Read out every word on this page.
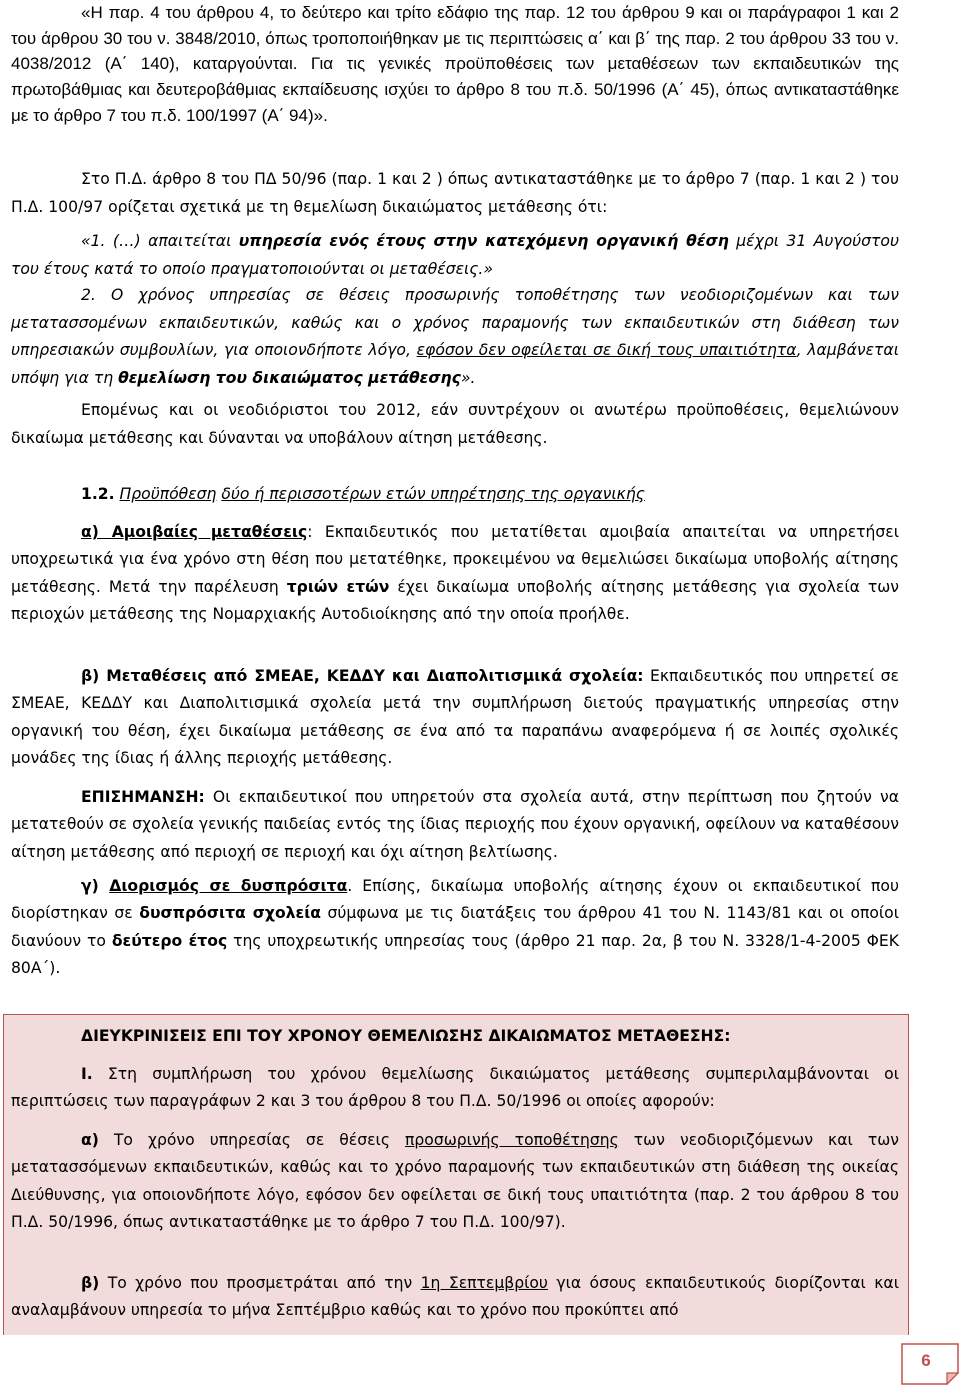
«Η παρ. 4 του άρθρου 4, το δεύτερο και τρίτο εδάφιο της παρ. 12 του άρθρου 9 και οι παράγραφοι 1 και 2 του άρθρου 30 του ν. 3848/2010, όπως τροποποιήθηκαν με τις περιπτώσεις α΄ και β΄ της παρ. 2 του άρθρου 33 του ν. 4038/2012 (Α΄ 140), καταργούνται. Για τις γενικές προϋποθέσεις των μεταθέσεων των εκπαιδευτικών της πρωτοβάθμιας και δευτεροβάθμιας εκπαίδευσης ισχύει το άρθρο 8 του π.δ. 50/1996 (Α΄ 45), όπως αντικαταστάθηκε με το άρθρο 7 του π.δ. 100/1997 (Α΄ 94)».

Στο Π.Δ. άρθρο 8 του ΠΔ 50/96 (παρ. 1 και 2 ) όπως αντικαταστάθηκε με το άρθρο 7 (παρ. 1 και 2 ) του Π.Δ. 100/97 ορίζεται σχετικά με τη θεμελίωση δικαιώματος μετάθεσης ότι:

«1. (…) απαιτείται υπηρεσία ενός έτους στην κατεχόμενη οργανική θέση μέχρι 31 Αυγούστου του έτους κατά το οποίο πραγματοποιούνται οι μεταθέσεις.»

2. Ο χρόνος υπηρεσίας σε θέσεις προσωρινής τοποθέτησης των νεοδιοριζομένων και των μετατασσομένων εκπαιδευτικών, καθώς και ο χρόνος παραμονής των εκπαιδευτικών στη διάθεση των υπηρεσιακών συμβουλίων, για οποιονδήποτε λόγο, εφόσον δεν οφείλεται σε δική τους υπαιτιότητα, λαμβάνεται υπόψη για τη θεμελίωση του δικαιώματος μετάθεσης».

Επομένως και οι νεοδιόριστοι του 2012, εάν συντρέχουν οι ανωτέρω προϋποθέσεις, θεμελιώνουν δικαίωμα μετάθεσης και δύνανται να υποβάλουν αίτηση μετάθεσης.

1.2. Προϋπόθεση δύο ή περισσοτέρων ετών υπηρέτησης της οργανικής

α) Αμοιβαίες μεταθέσεις: Εκπαιδευτικός που μετατίθεται αμοιβαία απαιτείται να υπηρετήσει υποχρεωτικά για ένα χρόνο στη θέση που μετατέθηκε, προκειμένου να θεμελιώσει δικαίωμα υποβολής αίτησης μετάθεσης. Μετά την παρέλευση τριών ετών έχει δικαίωμα υποβολής αίτησης μετάθεσης για σχολεία των περιοχών μετάθεσης της Νομαρχιακής Αυτοδιοίκησης από την οποία προήλθε.

β) Μεταθέσεις από ΣΜΕΑΕ, ΚΕΔΔΥ και Διαπολιτισμικά σχολεία: Εκπαιδευτικός που υπηρετεί σε ΣΜΕΑΕ, ΚΕΔΔΥ και Διαπολιτισμικά σχολεία μετά την συμπλήρωση διετούς πραγματικής υπηρεσίας στην οργανική του θέση, έχει δικαίωμα μετάθεσης σε ένα από τα παραπάνω αναφερόμενα ή σε λοιπές σχολικές μονάδες της ίδιας ή άλλης περιοχής μετάθεσης.

ΕΠΙΣΗΜΑΝΣΗ: Οι εκπαιδευτικοί που υπηρετούν στα σχολεία αυτά, στην περίπτωση που ζητούν να μετατεθούν σε σχολεία γενικής παιδείας εντός της ίδιας περιοχής που έχουν οργανική, οφείλουν να καταθέσουν αίτηση μετάθεσης από περιοχή σε περιοχή και όχι αίτηση βελτίωσης.

γ) Διορισμός σε δυσπρόσιτα. Επίσης, δικαίωμα υποβολής αίτησης έχουν οι εκπαιδευτικοί που διορίστηκαν σε δυσπρόσιτα σχολεία σύμφωνα με τις διατάξεις του άρθρου 41 του Ν. 1143/81 και οι οποίοι διανύουν το δεύτερο έτος της υποχρεωτικής υπηρεσίας τους (άρθρο 21 παρ. 2α, β του Ν. 3328/1-4-2005 ΦΕΚ 80Α΄).

ΔΙΕΥΚΡΙΝΙΣΕΙΣ ΕΠΙ ΤΟΥ ΧΡΟΝΟΥ ΘΕΜΕΛΙΩΣΗΣ ΔΙΚΑΙΩΜΑΤΟΣ ΜΕΤΑΘΕΣΗΣ:

Ι. Στη συμπλήρωση του χρόνου θεμελίωσης δικαιώματος μετάθεσης συμπεριλαμβάνονται οι περιπτώσεις των παραγράφων 2 και 3 του άρθρου 8 του Π.Δ. 50/1996 οι οποίες αφορούν:

α) Το χρόνο υπηρεσίας σε θέσεις προσωρινής τοποθέτησης των νεοδιοριζόμενων και των μετατασσόμενων εκπαιδευτικών, καθώς και το χρόνο παραμονής των εκπαιδευτικών στη διάθεση της οικείας Διεύθυνσης, για οποιονδήποτε λόγο, εφόσον δεν οφείλεται σε δική τους υπαιτιότητα (παρ. 2 του άρθρου 8 του Π.Δ. 50/1996, όπως αντικαταστάθηκε με το άρθρο 7 του Π.Δ. 100/97).

β) Το χρόνο που προσμετράται από την 1η Σεπτεμβρίου για όσους εκπαιδευτικούς διορίζονται και αναλαμβάνουν υπηρεσία το μήνα Σεπτέμβριο καθώς και το χρόνο που προκύπτει από

6
